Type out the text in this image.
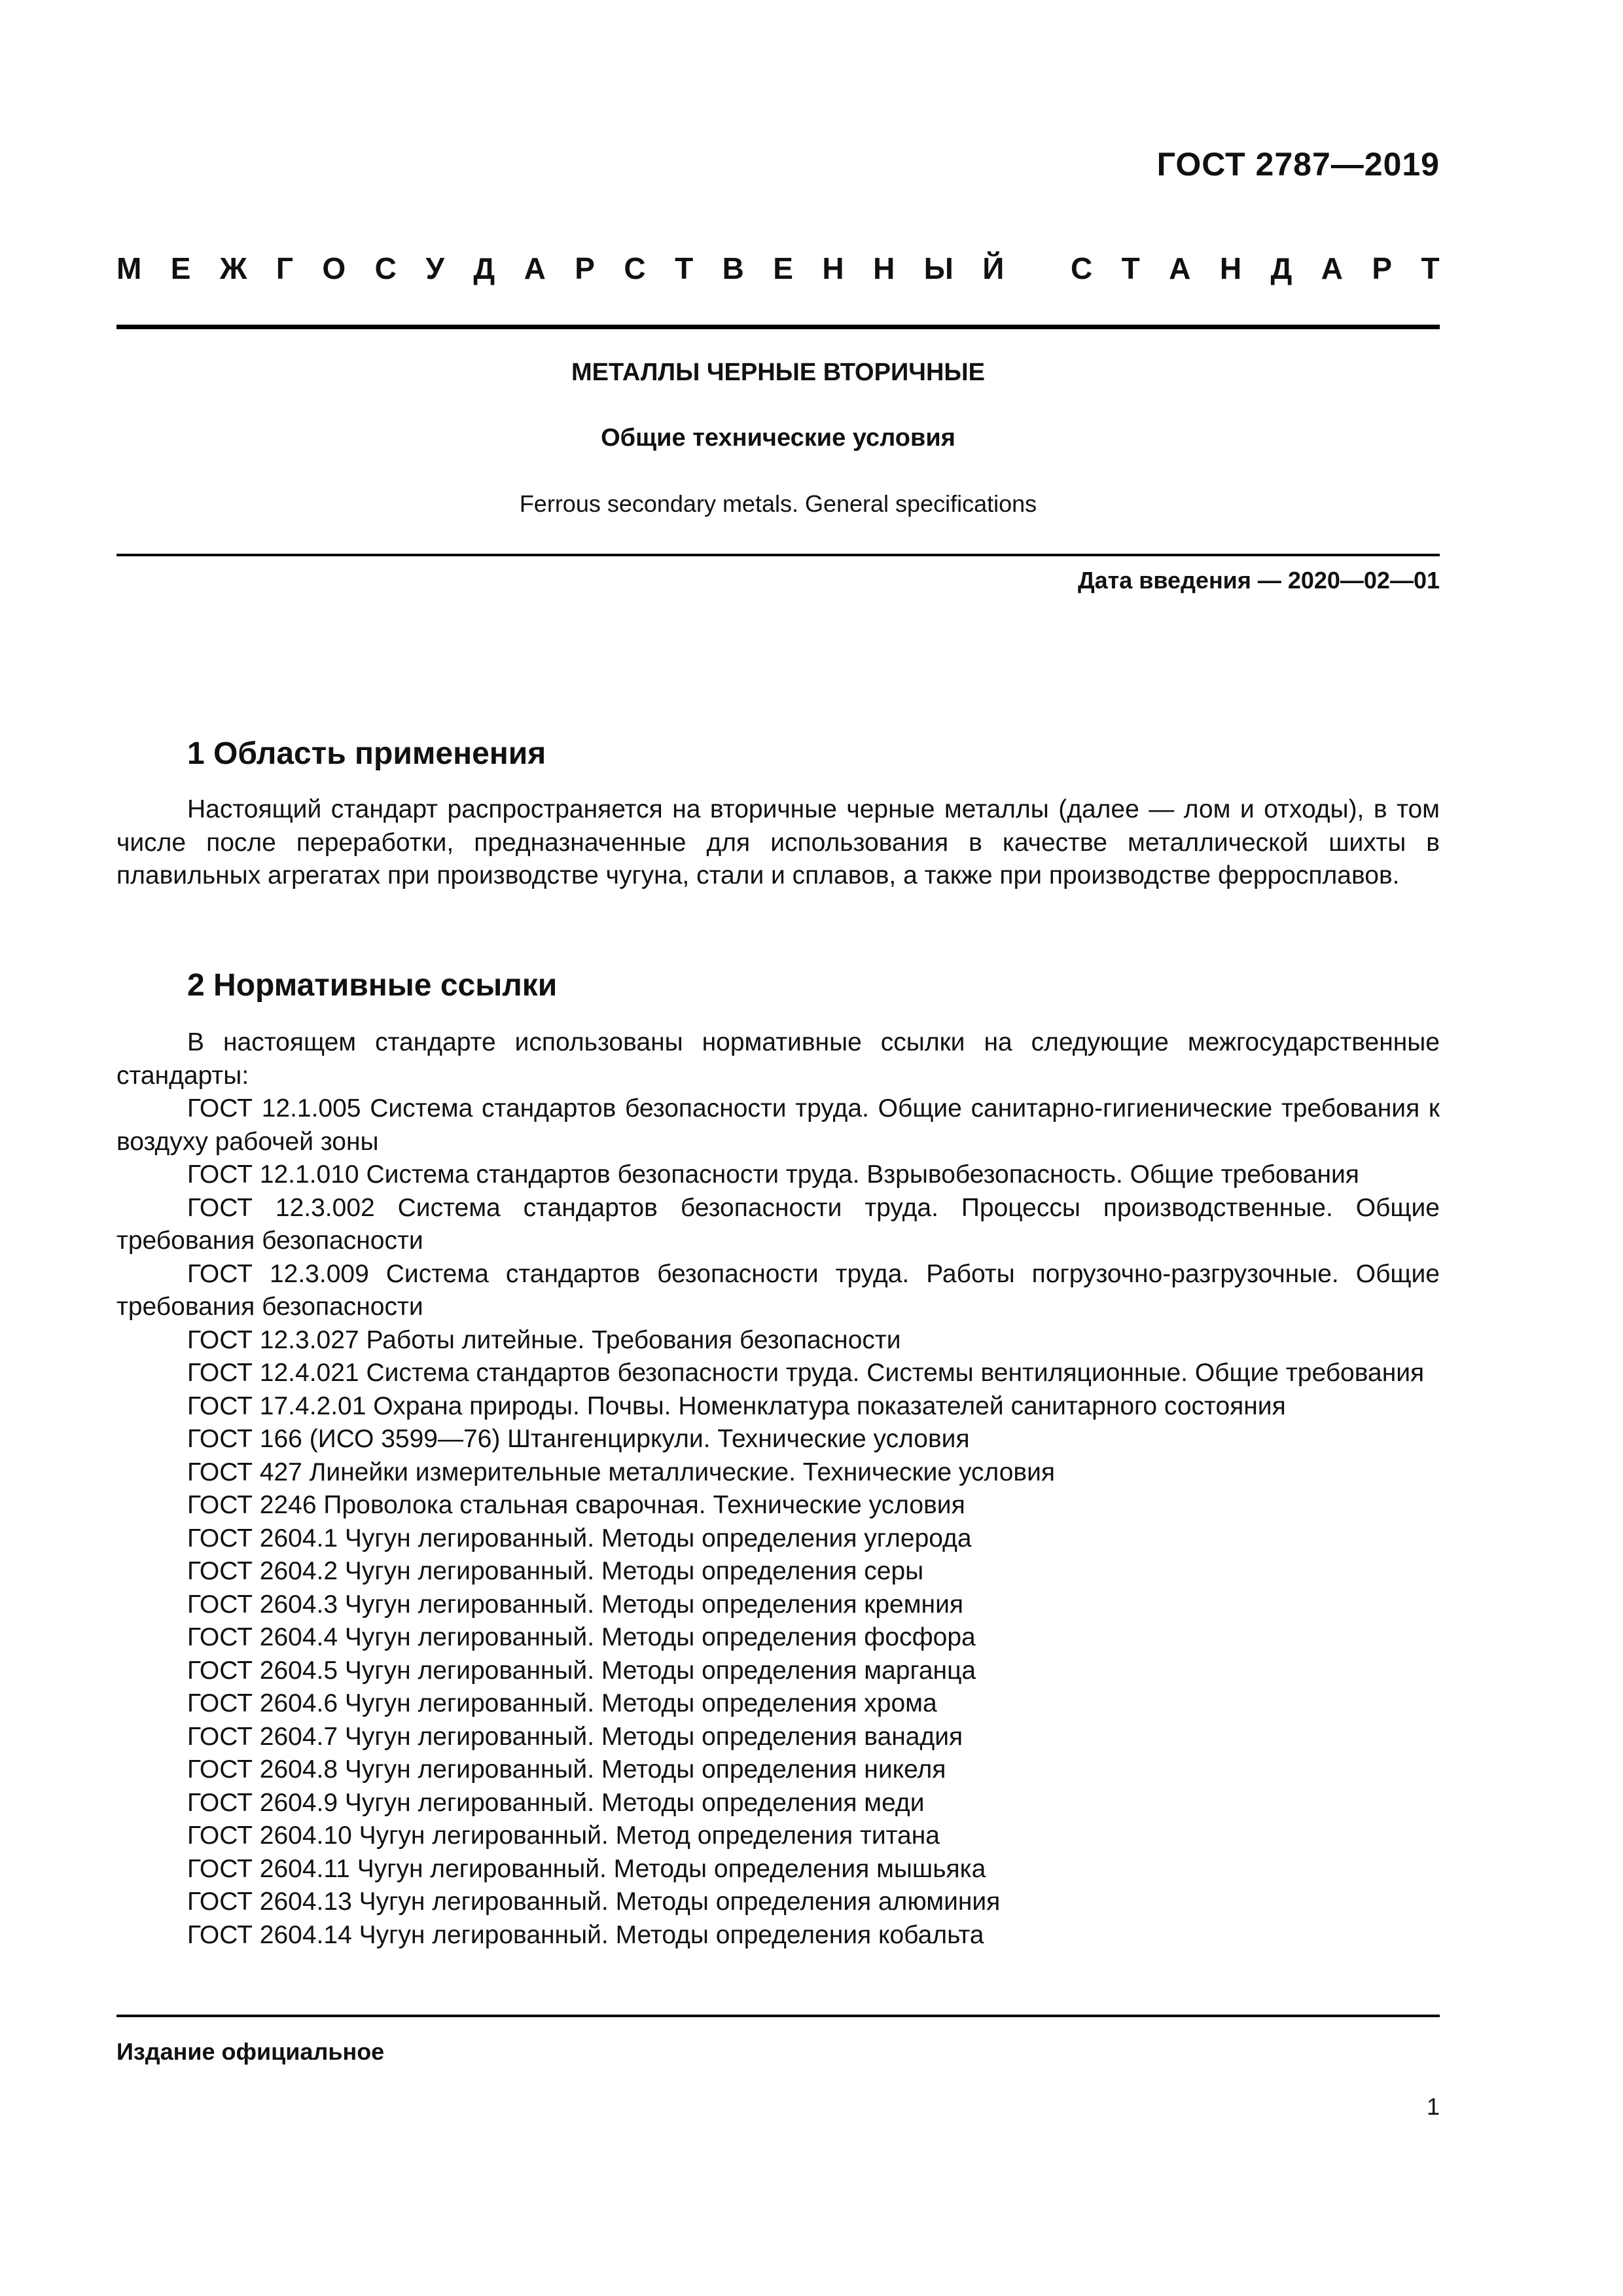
ГОСТ 2787—2019
М Е Ж Г О С У Д А Р С Т В Е Н Н Ы Й
С Т А Н Д А Р Т
МЕТАЛЛЫ ЧЕРНЫЕ ВТОРИЧНЫЕ
Общие технические условия
Ferrous secondary metals. General specifications
Дата введения — 2020—02—01
1 Область применения

Настоящий стандарт распространяется на вторичные черные металлы (далее — лом и отходы), в том числе после переработки, предназначенные для использования в качестве металлической шихты в плавильных агрегатах при производстве чугуна, стали и сплавов, а также при производстве ферросплавов.

2 Нормативные ссылки

В настоящем стандарте использованы нормативные ссылки на следующие межгосударственные стандарты:

ГОСТ 12.1.005 Система стандартов безопасности труда. Общие санитарно-гигиенические требования к воздуху рабочей зоны

ГОСТ 12.1.010 Система стандартов безопасности труда. Взрывобезопасность. Общие требования

ГОСТ 12.3.002 Система стандартов безопасности труда. Процессы производственные. Общие требования безопасности

ГОСТ 12.3.009 Система стандартов безопасности труда. Работы погрузочно-разгрузочные. Общие требования безопасности

ГОСТ 12.3.027 Работы литейные. Требования безопасности

ГОСТ 12.4.021 Система стандартов безопасности труда. Системы вентиляционные. Общие требования

ГОСТ 17.4.2.01 Охрана природы. Почвы. Номенклатура показателей санитарного состояния

ГОСТ 166 (ИСО 3599—76) Штангенциркули. Технические условия

ГОСТ 427 Линейки измерительные металлические. Технические условия

ГОСТ 2246 Проволока стальная сварочная. Технические условия

ГОСТ 2604.1 Чугун легированный. Методы определения углерода

ГОСТ 2604.2 Чугун легированный. Методы определения серы

ГОСТ 2604.3 Чугун легированный. Методы определения кремния

ГОСТ 2604.4 Чугун легированный. Методы определения фосфора

ГОСТ 2604.5 Чугун легированный. Методы определения марганца

ГОСТ 2604.6 Чугун легированный. Методы определения хрома

ГОСТ 2604.7 Чугун легированный. Методы определения ванадия

ГОСТ 2604.8 Чугун легированный. Методы определения никеля

ГОСТ 2604.9 Чугун легированный. Методы определения меди

ГОСТ 2604.10 Чугун легированный. Метод определения титана

ГОСТ 2604.11 Чугун легированный. Методы определения мышьяка

ГОСТ 2604.13 Чугун легированный. Методы определения алюминия

ГОСТ 2604.14 Чугун легированный. Методы определения кобальта

Издание официальное
1
